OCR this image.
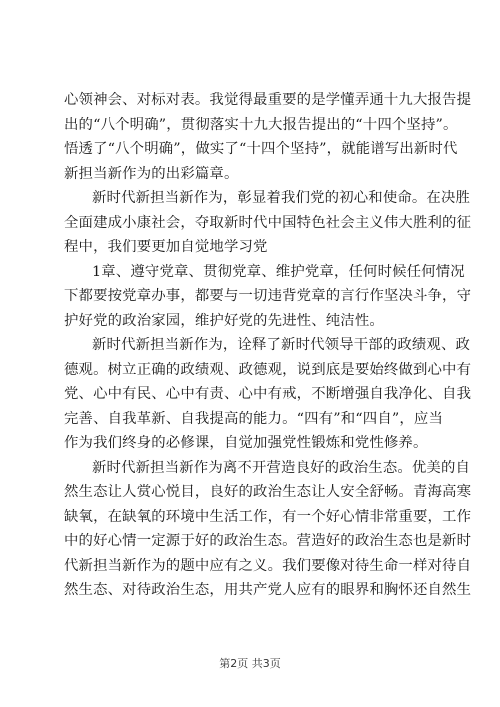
心领神会、对标对表。我觉得最重要的是学懂弄通十九大报告提
出的“八个明确”，贯彻落实十九大报告提出的“十四个坚持”。
悟透了“八个明确”，做实了“十四个坚持”，就能谱写出新时代
新担当新作为的出彩篇章。
新时代新担当新作为，彰显着我们党的初心和使命。在决胜
全面建成小康社会，夺取新时代中国特色社会主义伟大胜利的征
程中，我们要更加自觉地学习党
1章、遵守党章、贯彻党章、维护党章，任何时候任何情况
下都要按党章办事，都要与一切违背党章的言行作坚决斗争，守
护好党的政治家园，维护好党的先进性、纯洁性。
新时代新担当新作为，诠释了新时代领导干部的政绩观、政
德观。树立正确的政绩观、政德观，说到底是要始终做到心中有
党、心中有民、心中有责、心中有戒，不断增强自我净化、自我
完善、自我革新、自我提高的能力。“四有”和“四自”，应当
作为我们终身的必修课，自觉加强党性锻炼和党性修养。
新时代新担当新作为离不开营造良好的政治生态。优美的自
然生态让人赏心悦目，良好的政治生态让人安全舒畅。青海高寒
缺氧，在缺氧的环境中生活工作，有一个好心情非常重要，工作
中的好心情一定源于好的政治生态。营造好的政治生态也是新时
代新担当新作为的题中应有之义。我们要像对待生命一样对待自
然生态、对待政治生态，用共产党人应有的眼界和胸怀还自然生
第2页 共3页
